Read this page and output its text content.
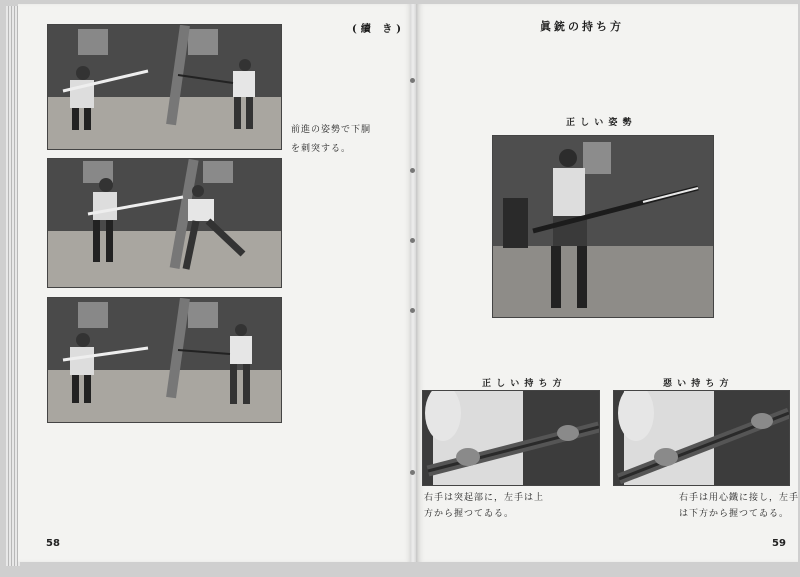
(續 き)
前進の姿勢で下胴
を刺突する。
58
眞銃の持ち方
正 し い 姿 勢
正 し い 持 ち 方	惡 い 持 ち 方
右手は突起部に，左手は上
方から握つてゐる。
右手は用心鐵に接し，左手
は下方から握つてゐる。
59
